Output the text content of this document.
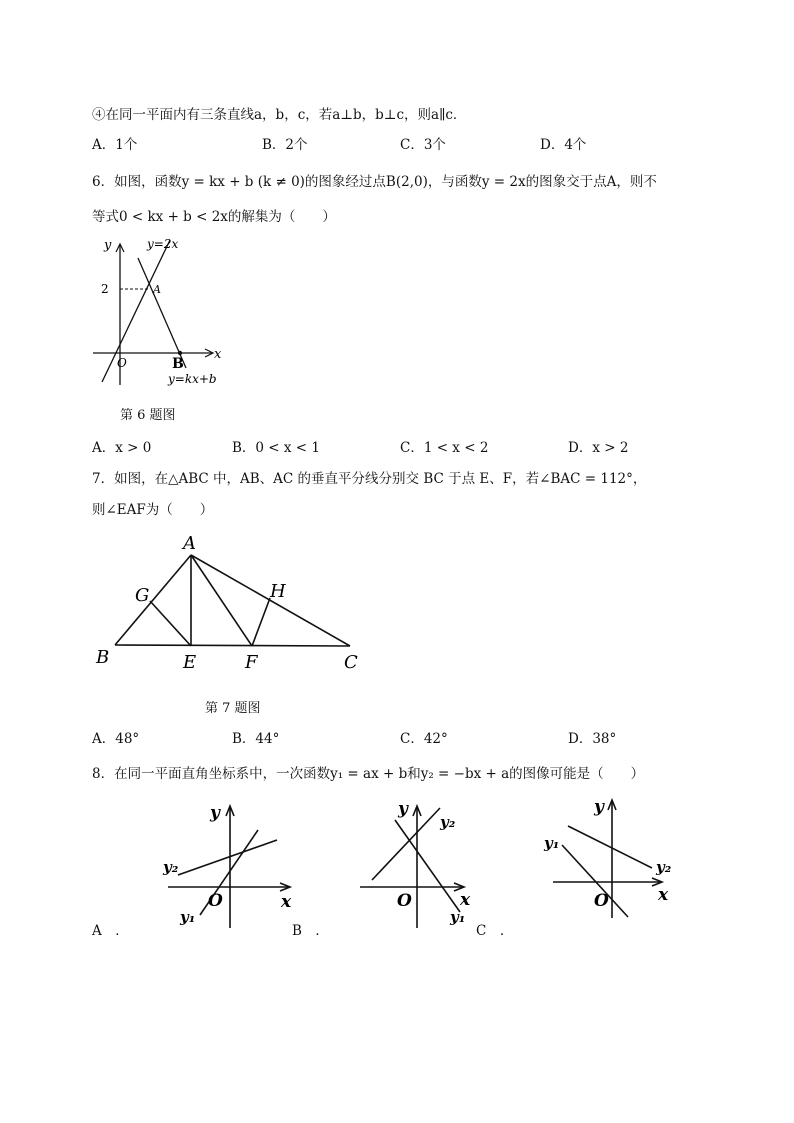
④在同一平面内有三条直线a，b，c，若a⊥b，b⊥c，则a∥c．
A．1个	B．2个	C．3个	D．4个
6．如图，函数y = kx + b (k ≠ 0)的图象经过点B(2,0)，与函数y = 2x的图象交于点A，则不
等式0 < kx + b < 2x的解集为（　　）
y
x
O
2
y=2x
A
B
y=kx+b
第 6 题图
A．x > 0	B．0 < x < 1	C．1 < x < 2	D．x > 2
7．如图，在△ABC 中，AB、AC 的垂直平分线分别交 BC 于点 E、F，若∠BAC = 112°，
则∠EAF为（　　）
A
B	C
E	F
G	H
第 7 题图
A．48°	B．44°	C．42°	D．38°
8．在同一平面直角坐标系中，一次函数y₁ = ax + b和y₂ = −bx + a的图像可能是（　　）
y
x
O
y₂
y₁
y
x
O
y₂
y₁
y
x
O
y₁
y₂
A　．	B　．	C　．
